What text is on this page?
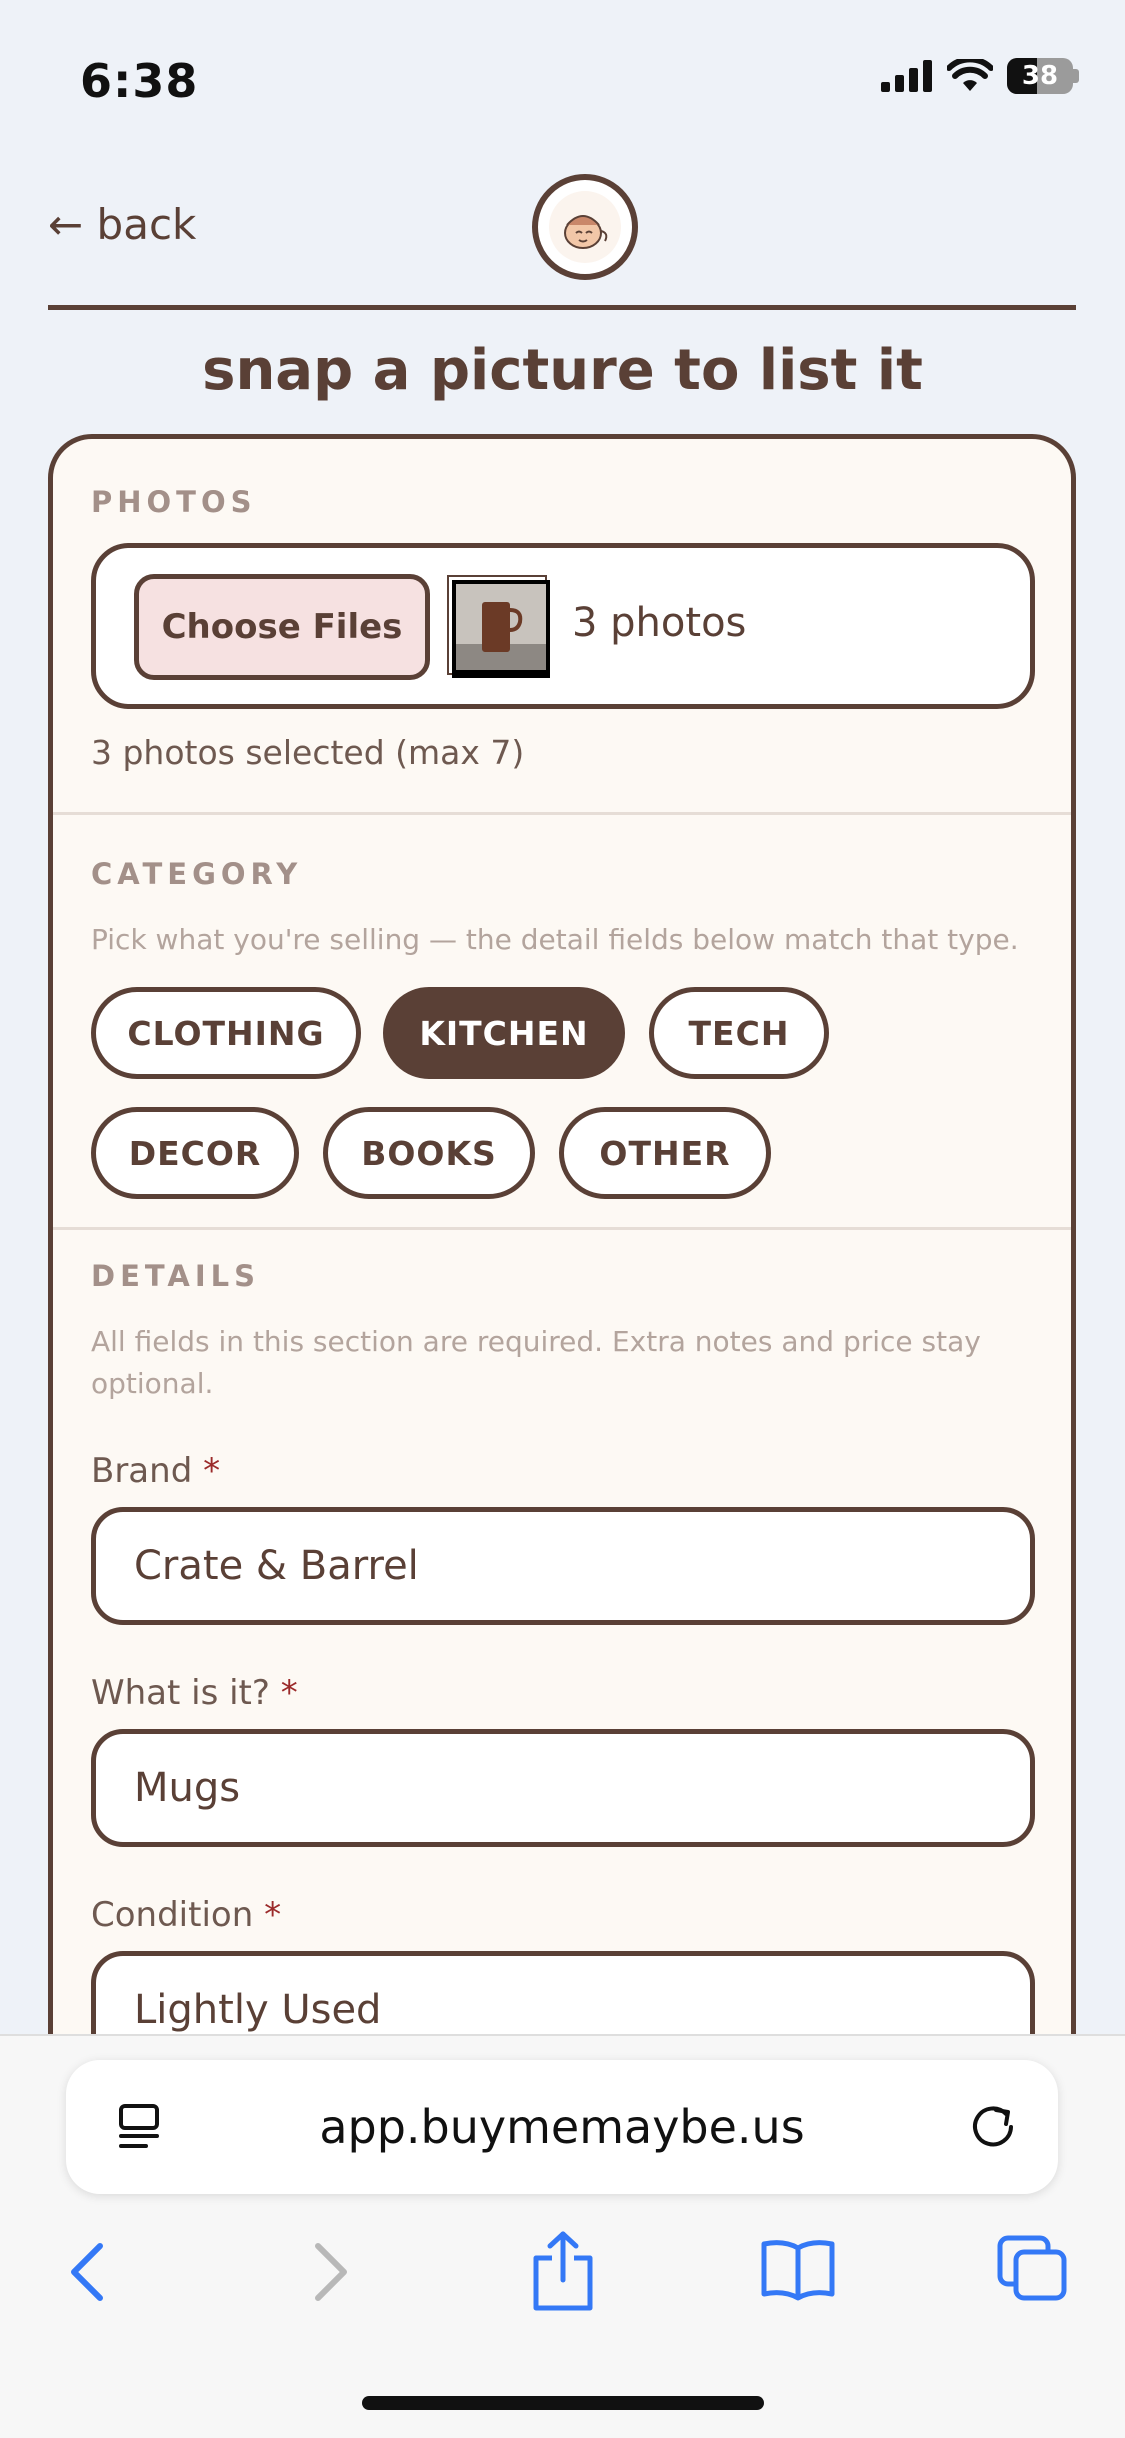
6:38	38
← back
snap a picture to list it
PHOTOS
Choose Files	3 photos
3 photos selected (max 7)
CATEGORY
Pick what you're selling — the detail fields below match that type.
CLOTHING	KITCHEN	TECH
DECOR	BOOKS	OTHER
DETAILS
All fields in this section are required. Extra notes and price stay optional.
Brand *
Crate & Barrel
What is it? *
Mugs
Condition *
Lightly Used
app.buymemaybe.us
